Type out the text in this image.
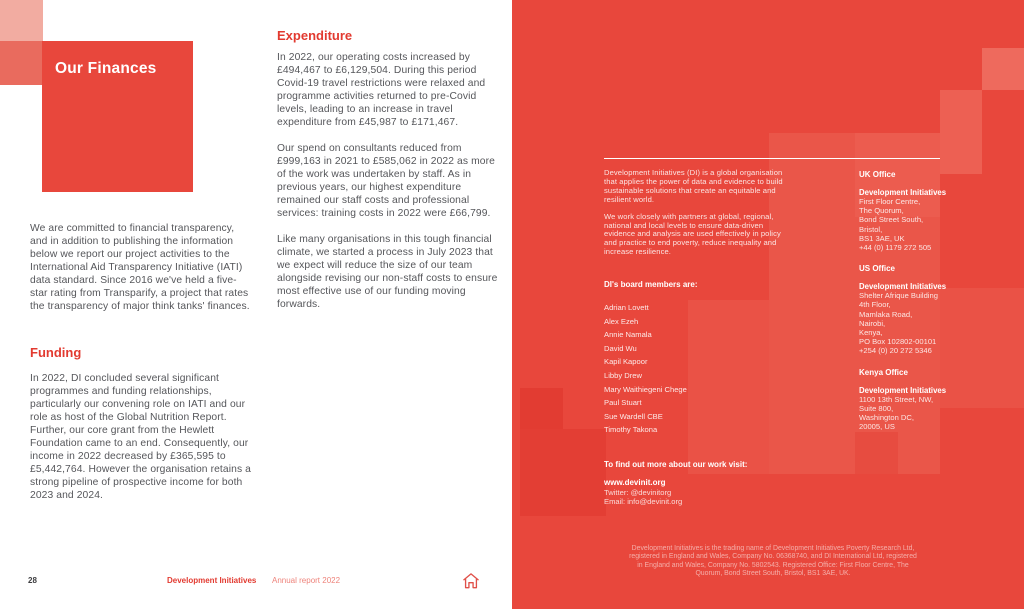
Our Finances

We are committed to financial transparency, and in addition to publishing the information below we report our project activities to the International Aid Transparency Initiative (IATI) data standard. Since 2016 we've held a five-star rating from Transparify, a project that rates the transparency of major think tanks' finances.

Funding

In 2022, DI concluded several significant programmes and funding relationships, particularly our convening role on IATI and our role as host of the Global Nutrition Report. Further, our core grant from the Hewlett Foundation came to an end. Consequently, our income in 2022 decreased by £365,595 to £5,442,764. However the organisation retains a strong pipeline of prospective income for both 2023 and 2024.

Expenditure

In 2022, our operating costs increased by £494,467 to £6,129,504. During this period Covid-19 travel restrictions were relaxed and programme activities returned to pre-Covid levels, leading to an increase in travel expenditure from £45,987 to £171,467.

Our spend on consultants reduced from £999,163 in 2021 to £585,062 in 2022 as more of the work was undertaken by staff. As in previous years, our highest expenditure remained our staff costs and professional services: training costs in 2022 were £66,799.

Like many organisations in this tough financial climate, we started a process in July 2023 that we expect will reduce the size of our team alongside revising our non-staff costs to ensure most effective use of our funding moving forwards.

28	Development Initiatives Annual report 2022

Development Initiatives (DI) is a global organisation that applies the power of data and evidence to build sustainable solutions that create an equitable and resilient world.

We work closely with partners at global, regional, national and local levels to ensure data-driven evidence and analysis are used effectively in policy and practice to end poverty, reduce inequality and increase resilience.

DI's board members are:
Adrian Lovett
Alex Ezeh
Annie Namala
David Wu
Kapil Kapoor
Libby Drew
Mary Waithiegeni Chege
Paul Stuart
Sue Wardell CBE
Timothy Takona
To find out more about our work visit:
www.devinit.org
Twitter: @devinitorg
Email: info@devinit.org
UK Office
Development Initiatives
First Floor Centre,
The Quorum,
Bond Street South,
Bristol,
BS1 3AE, UK
+44 (0) 1179 272 505
US Office
Development Initiatives
Shelter Afrique Building
4th Floor,
Mamlaka Road,
Nairobi,
Kenya,
PO Box 102802-00101
+254 (0) 20 272 5346
Kenya Office
Development Initiatives
1100 13th Street, NW,
Suite 800,
Washington DC,
20005, US

Development Initiatives is the trading name of Development Initiatives Poverty Research Ltd, registered in England and Wales, Company No. 06368740, and DI International Ltd, registered in England and Wales, Company No. 5802543. Registered Office: First Floor Centre, The Quorum, Bond Street South, Bristol, BS1 3AE, UK.
